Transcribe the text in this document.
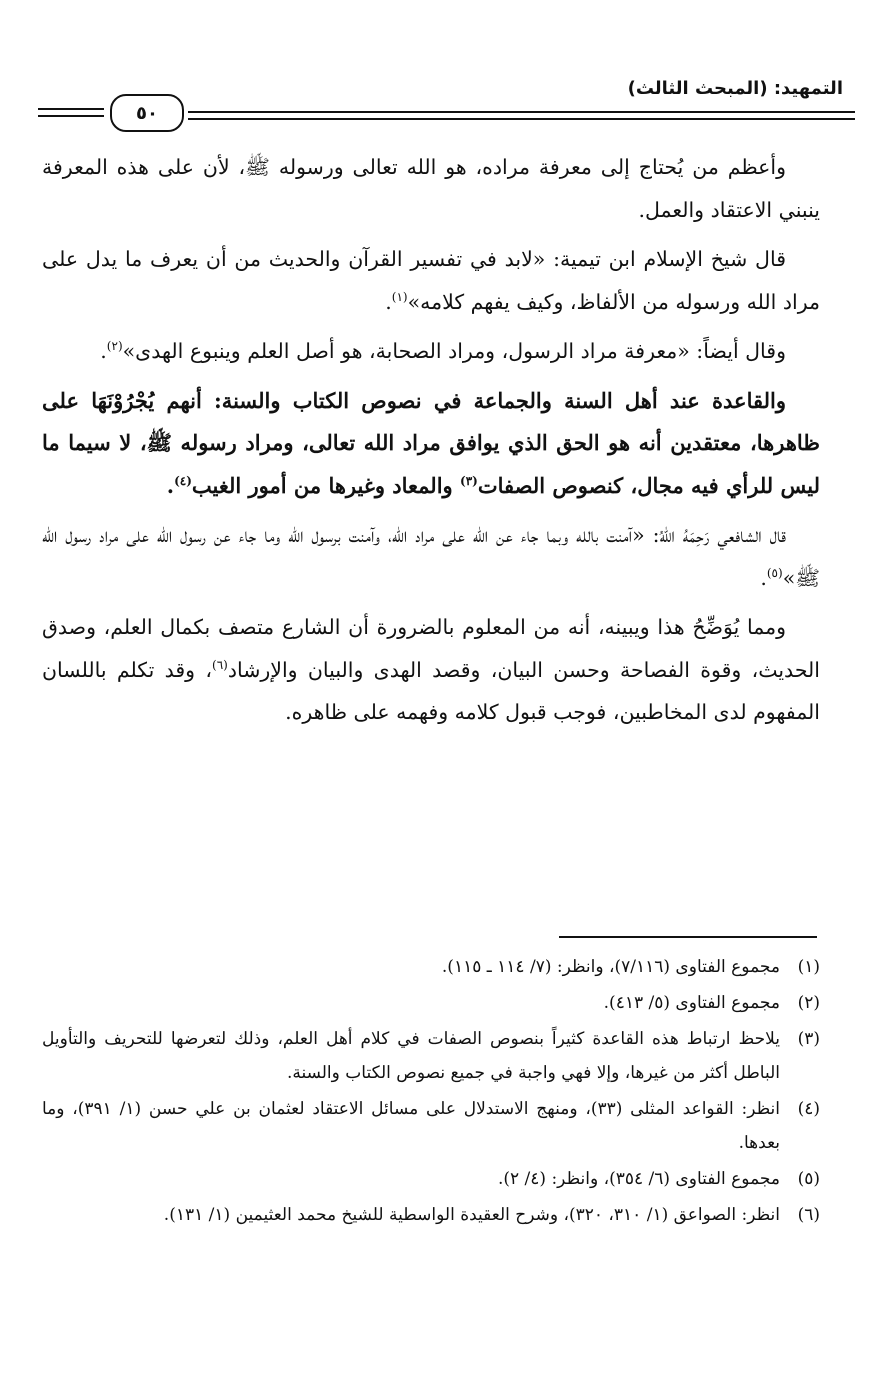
التمهيد: (المبحث الثالث)
٥٠

وأعظم من يُحتاج إلى معرفة مراده، هو الله تعالى ورسوله ﷺ، لأن على هذه المعرفة ينبني الاعتقاد والعمل.

قال شيخ الإسلام ابن تيمية: «لابد في تفسير القرآن والحديث من أن يعرف ما يدل على مراد الله ورسوله من الألفاظ، وكيف يفهم كلامه»$^{(١)}$.

وقال أيضاً: «معرفة مراد الرسول، ومراد الصحابة، هو أصل العلم وينبوع الهدى»$^{(٢)}$.

والقاعدة عند أهل السنة والجماعة في نصوص الكتاب والسنة: أنهم يُجْرُوْنَهَا على ظاهرها، معتقدين أنه هو الحق الذي يوافق مراد الله تعالى، ومراد رسوله ﷺ، لا سيما ما ليس للرأي فيه مجال، كنصوص الصفات$^{(٣)}$ والمعاد وغيرها من أمور الغيب$^{(٤)}$.

قال الشافعي رَحِمَهُ اللهُ: «آمنت بالله وبما جاء عن الله على مراد الله، وآمنت برسول الله وما جاء عن رسول الله على مراد رسول الله ﷺ»$^{(٥)}$.

ومما يُوَضِّحُ هذا ويبينه، أنه من المعلوم بالضرورة أن الشارع متصف بكمال العلم، وصدق الحديث، وقوة الفصاحة وحسن البيان، وقصد الهدى والبيان والإرشاد$^{(٦)}$، وقد تكلم باللسان المفهوم لدى المخاطبين، فوجب قبول كلامه وفهمه على ظاهره.

(١)
مجموع الفتاوى (٧/١١٦)، وانظر: (٧/ ١١٤ ـ ١١٥).
(٢)
مجموع الفتاوى (٥/ ٤١٣).
(٣)
يلاحظ ارتباط هذه القاعدة كثيراً بنصوص الصفات في كلام أهل العلم، وذلك لتعرضها للتحريف والتأويل الباطل أكثر من غيرها، وإلا فهي واجبة في جميع نصوص الكتاب والسنة.
(٤)
انظر: القواعد المثلى (٣٣)، ومنهج الاستدلال على مسائل الاعتقاد لعثمان بن علي حسن (١/ ٣٩١)، وما بعدها.
(٥)
مجموع الفتاوى (٦/ ٣٥٤)، وانظر: (٤/ ٢).
(٦)
انظر: الصواعق (١/ ٣١٠، ٣٢٠)، وشرح العقيدة الواسطية للشيخ محمد العثيمين (١/ ١٣١).
